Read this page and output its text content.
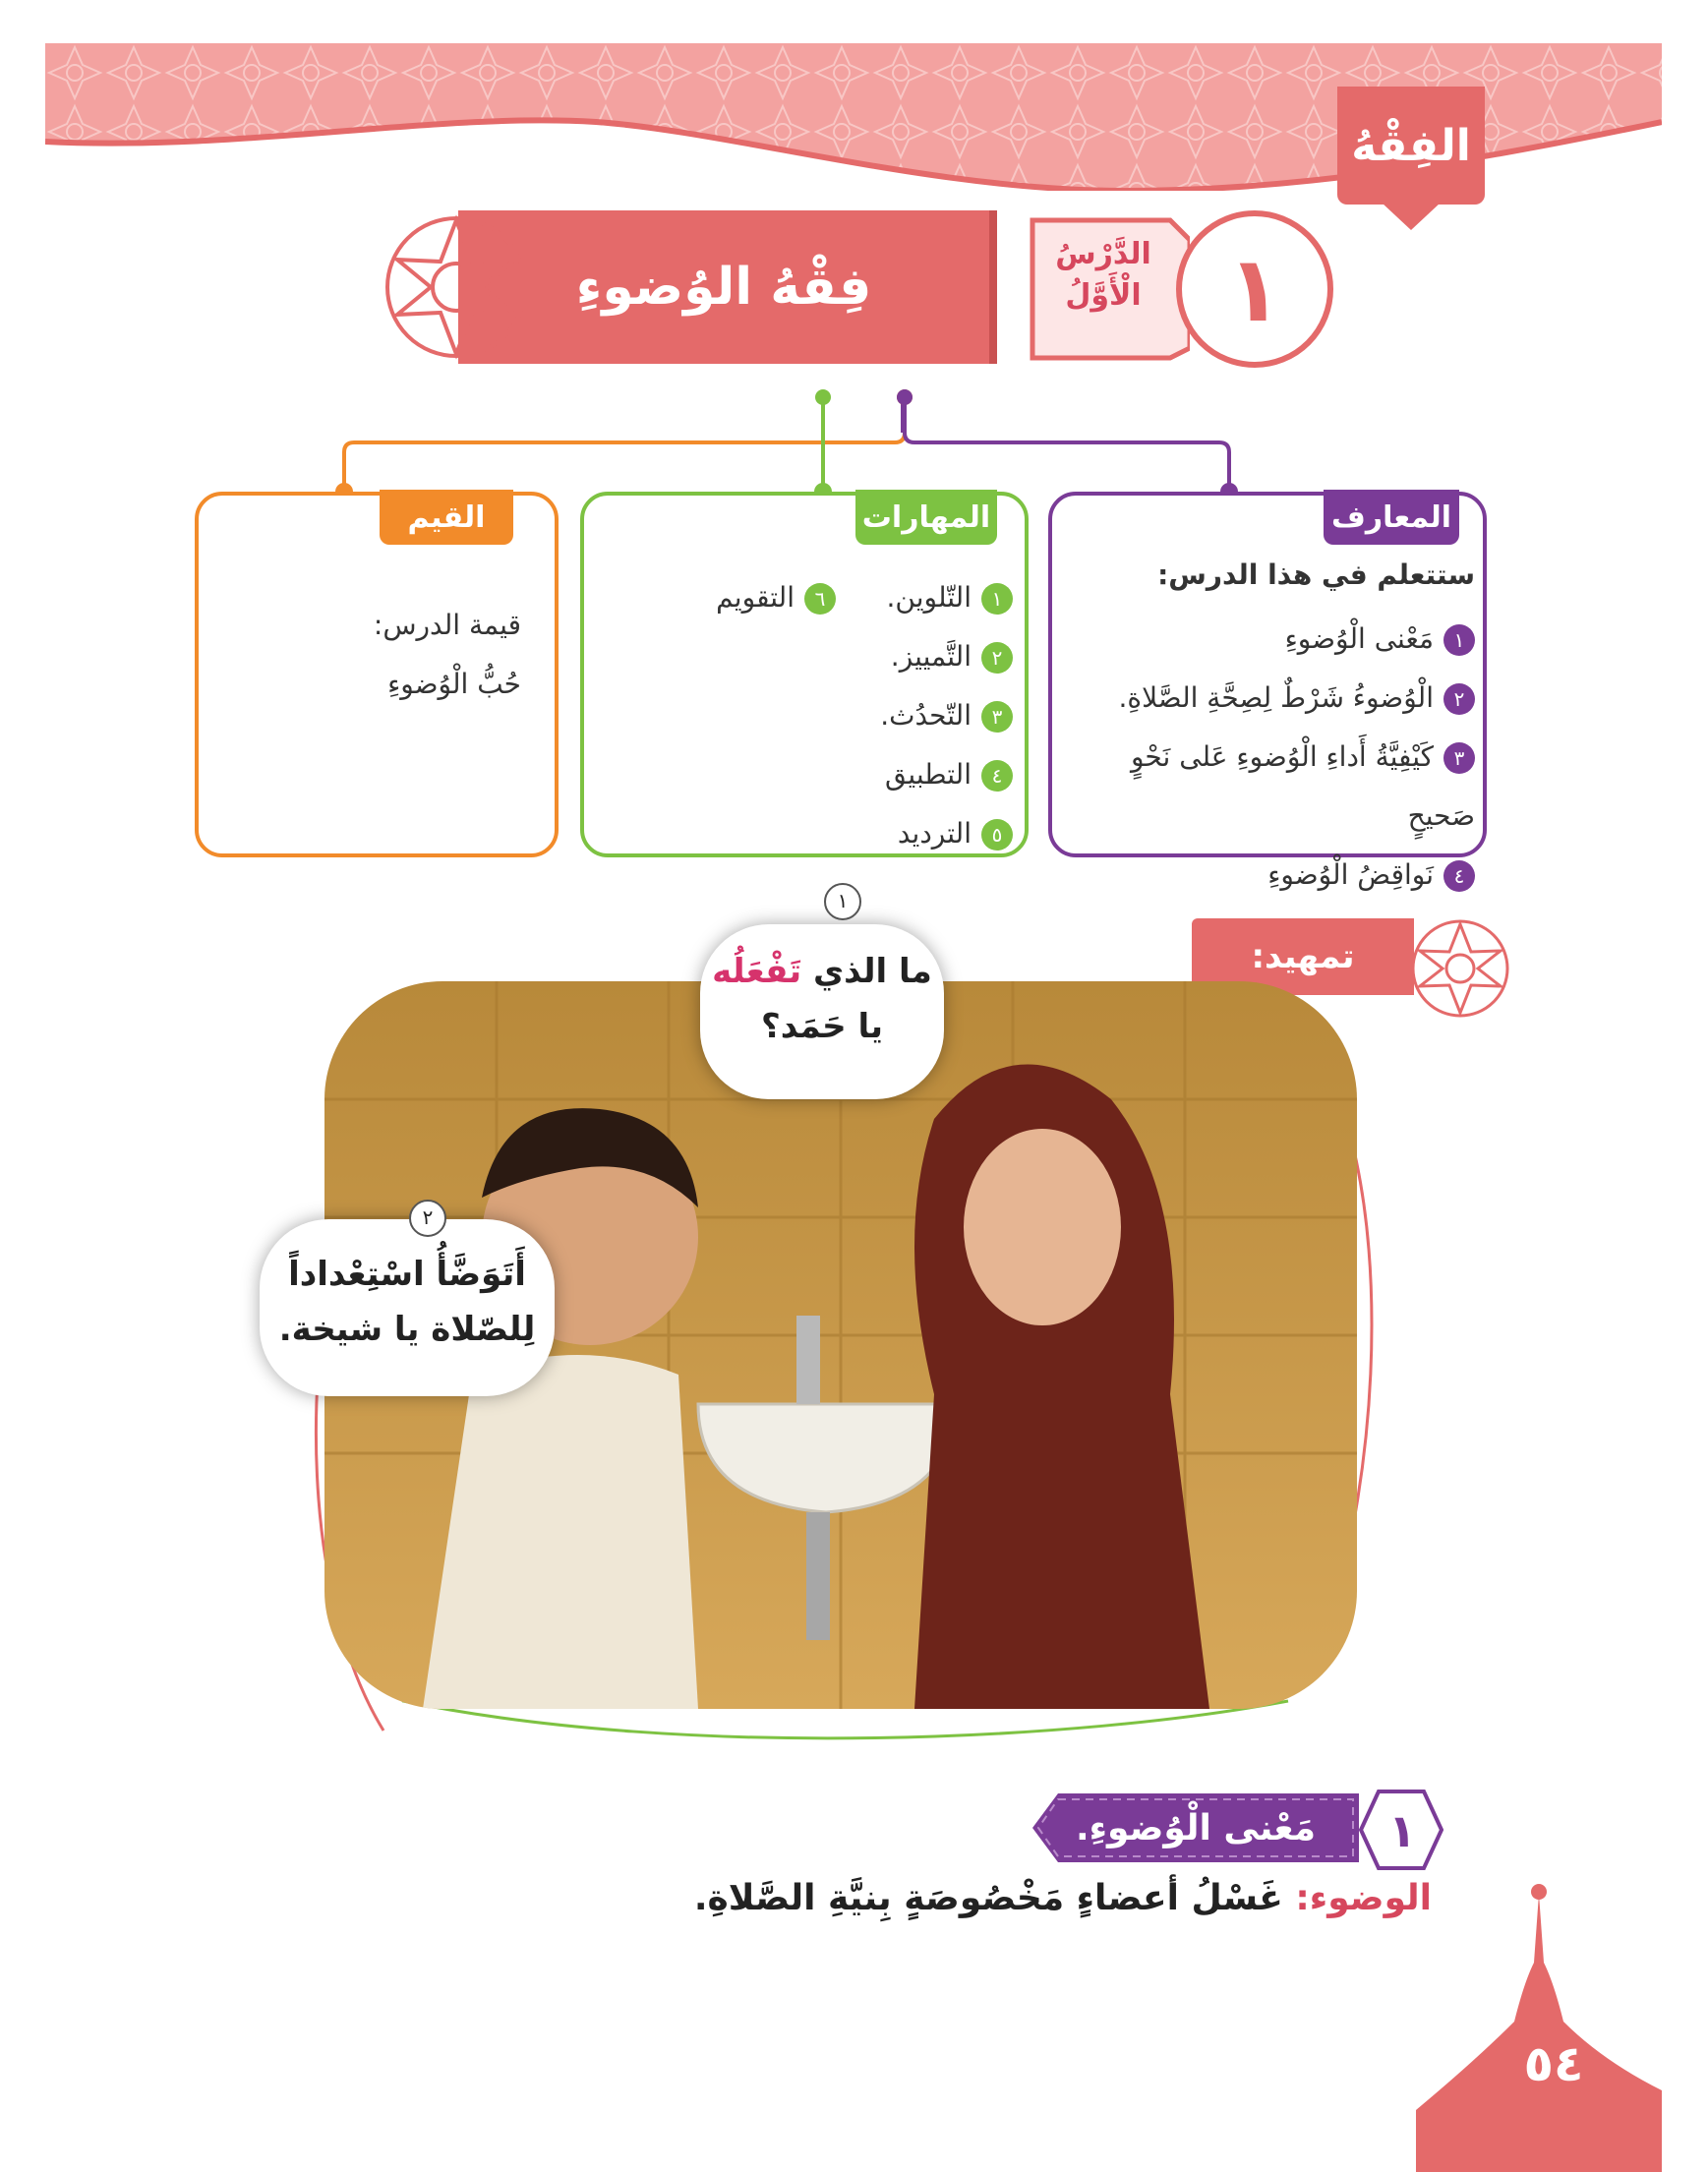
الفِقْهُ
الدَّرْسُ
الْأَوَّلُ ١
فِقْهُ الوُضوءِ
المعارف
ستتعلم في هذا الدرس:
١مَعْنى الْوُضوءِ
٢الْوُضوءُ شَرْطٌ لِصِحَّةِ الصَّلاةِ.
٣كَيْفِيَّةُ أَداءِ الْوُضوءِ عَلى نَحْوٍ صَحيحٍ
٤نَواقِضُ الْوُضوءِ
المهارات
١التّلوين.
٢التَّمييز.
٣التّحدُث.
٤التطبيق
٥الترديد
٦التقويم
القيم
قيمة الدرس:
حُبُّ الْوُضوءِ
تمهيد:
ما الذي تَفْعَلُه
يا حَمَد؟
١
أَتَوَضَّأُ اسْتِعْداداً
لِلصّلاة يا شيخة.
٢
مَعْنى الْوُضوءِ.	١
الوضوء: غَسْلُ أعضاءٍ مَخْصُوصَةٍ بِنيَّةِ الصَّلاةِ.
٥٤
